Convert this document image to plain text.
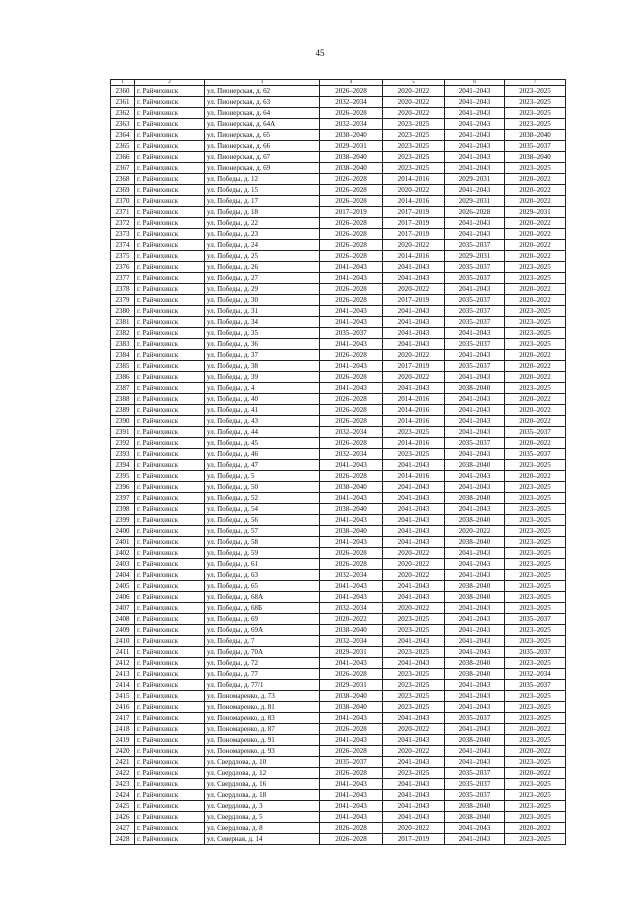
45
1	2	3	4	5	6	7
2360	г. Райчихинск	ул. Пионерская, д. 62	2026–2028	2020–2022	2041–2043	2023–2025
2361	г. Райчихинск	ул. Пионерская, д. 63	2032–2034	2020–2022	2041–2043	2023–2025
2362	г. Райчихинск	ул. Пионерская, д. 64	2026–2028	2020–2022	2041–2043	2023–2025
2363	г. Райчихинск	ул. Пионерская, д. 64А	2032–2034	2023–2025	2041–2043	2023–2025
2364	г. Райчихинск	ул. Пионерская, д. 65	2038–2040	2023–2025	2041–2043	2038–2040
2365	г. Райчихинск	ул. Пионерская, д. 66	2029–2031	2023–2025	2041–2043	2035–2037
2366	г. Райчихинск	ул. Пионерская, д. 67	2038–2040	2023–2025	2041–2043	2038–2040
2367	г. Райчихинск	ул. Пионерская, д. 69	2038–2040	2023–2025	2041–2043	2023–2025
2368	г. Райчихинск	ул. Победы, д. 12	2026–2028	2014–2016	2029–2031	2020–2022
2369	г. Райчихинск	ул. Победы, д. 15	2026–2028	2020–2022	2041–2043	2020–2022
2370	г. Райчихинск	ул. Победы, д. 17	2026–2028	2014–2016	2029–2031	2020–2022
2371	г. Райчихинск	ул. Победы, д. 18	2017–2019	2017–2019	2026–2028	2029–2031
2372	г. Райчихинск	ул. Победы, д. 22	2026–2028	2017–2019	2041–2043	2020–2022
2373	г. Райчихинск	ул. Победы, д. 23	2026–2028	2017–2019	2041–2043	2020–2022
2374	г. Райчихинск	ул. Победы, д. 24	2026–2028	2020–2022	2035–2037	2020–2022
2375	г. Райчихинск	ул. Победы, д. 25	2026–2028	2014–2016	2029–2031	2020–2022
2376	г. Райчихинск	ул. Победы, д. 26	2041–2043	2041–2043	2035–2037	2023–2025
2377	г. Райчихинск	ул. Победы, д. 27	2041–2043	2041–2043	2035–2037	2023–2025
2378	г. Райчихинск	ул. Победы, д. 29	2026–2028	2020–2022	2041–2043	2020–2022
2379	г. Райчихинск	ул. Победы, д. 30	2026–2028	2017–2019	2035–2037	2020–2022
2380	г. Райчихинск	ул. Победы, д. 31	2041–2043	2041–2043	2035–2037	2023–2025
2381	г. Райчихинск	ул. Победы, д. 34	2041–2043	2041–2043	2035–2037	2023–2025
2382	г. Райчихинск	ул. Победы, д. 35	2035–2037	2041–2043	2041–2043	2023–2025
2383	г. Райчихинск	ул. Победы, д. 36	2041–2043	2041–2043	2035–2037	2023–2025
2384	г. Райчихинск	ул. Победы, д. 37	2026–2028	2020–2022	2041–2043	2020–2022
2385	г. Райчихинск	ул. Победы, д. 38	2041–2043	2017–2019	2035–2037	2020–2022
2386	г. Райчихинск	ул. Победы, д. 39	2026–2028	2020–2022	2041–2043	2020–2022
2387	г. Райчихинск	ул. Победы, д. 4	2041–2043	2041–2043	2038–2040	2023–2025
2388	г. Райчихинск	ул. Победы, д. 40	2026–2028	2014–2016	2041–2043	2020–2022
2389	г. Райчихинск	ул. Победы, д. 41	2026–2028	2014–2016	2041–2043	2020–2022
2390	г. Райчихинск	ул. Победы, д. 43	2026–2028	2014–2016	2041–2043	2020–2022
2391	г. Райчихинск	ул. Победы, д. 44	2032–2034	2023–2025	2041–2043	2035–2037
2392	г. Райчихинск	ул. Победы, д. 45	2026–2028	2014–2016	2035–2037	2020–2022
2393	г. Райчихинск	ул. Победы, д. 46	2032–2034	2023–2025	2041–2043	2035–2037
2394	г. Райчихинск	ул. Победы, д. 47	2041–2043	2041–2043	2038–2040	2023–2025
2395	г. Райчихинск	ул. Победы, д. 5	2026–2028	2014–2016	2041–2043	2020–2022
2396	г. Райчихинск	ул. Победы, д. 50	2038–2040	2041–2043	2041–2043	2023–2025
2397	г. Райчихинск	ул. Победы, д. 52	2041–2043	2041–2043	2038–2040	2023–2025
2398	г. Райчихинск	ул. Победы, д. 54	2038–2040	2041–2043	2041–2043	2023–2025
2399	г. Райчихинск	ул. Победы, д. 56	2041–2043	2041–2043	2038–2040	2023–2025
2400	г. Райчихинск	ул. Победы, д. 57	2038–2040	2041–2043	2020–2022	2023–2025
2401	г. Райчихинск	ул. Победы, д. 58	2041–2043	2041–2043	2038–2040	2023–2025
2402	г. Райчихинск	ул. Победы, д. 59	2026–2028	2020–2022	2041–2043	2023–2025
2403	г. Райчихинск	ул. Победы, д. 61	2026–2028	2020–2022	2041–2043	2023–2025
2404	г. Райчихинск	ул. Победы, д. 63	2032–2034	2020–2022	2041–2043	2023–2025
2405	г. Райчихинск	ул. Победы, д. 65	2041–2043	2041–2043	2038–2040	2023–2025
2406	г. Райчихинск	ул. Победы, д. 68А	2041–2043	2041–2043	2038–2040	2023–2025
2407	г. Райчихинск	ул. Победы, д. 68Б	2032–2034	2020–2022	2041–2043	2023–2025
2408	г. Райчихинск	ул. Победы, д. 69	2020–2022	2023–2025	2041–2043	2035–2037
2409	г. Райчихинск	ул. Победы, д. 69А	2038–2040	2023–2025	2041–2043	2023–2025
2410	г. Райчихинск	ул. Победы, д. 7	2032–2034	2041–2043	2041–2043	2023–2025
2411	г. Райчихинск	ул. Победы, д. 70А	2029–2031	2023–2025	2041–2043	2035–2037
2412	г. Райчихинск	ул. Победы, д. 72	2041–2043	2041–2043	2038–2040	2023–2025
2413	г. Райчихинск	ул. Победы, д. 77	2026–2028	2023–2025	2038–2040	2032–2034
2414	г. Райчихинск	ул. Победы, д. 77/1	2029–2031	2023–2025	2041–2043	2035–2037
2415	г. Райчихинск	ул. Пономаренко, д. 73	2038–2040	2023–2025	2041–2043	2023–2025
2416	г. Райчихинск	ул. Пономаренко, д. 81	2038–2040	2023–2025	2041–2043	2023–2025
2417	г. Райчихинск	ул. Пономаренко, д. 83	2041–2043	2041–2043	2035–2037	2023–2025
2418	г. Райчихинск	ул. Пономаренко, д. 87	2026–2028	2020–2022	2041–2043	2020–2022
2419	г. Райчихинск	ул. Пономаренко, д. 91	2041–2043	2041–2043	2038–2040	2023–2025
2420	г. Райчихинск	ул. Пономаренко, д. 93	2026–2028	2020–2022	2041–2043	2020–2022
2421	г. Райчихинск	ул. Свердлова, д. 10	2035–2037	2041–2043	2041–2043	2023–2025
2422	г. Райчихинск	ул. Свердлова, д. 12	2026–2028	2023–2025	2035–2037	2020–2022
2423	г. Райчихинск	ул. Свердлова, д. 16	2041–2043	2041–2043	2035–2037	2023–2025
2424	г. Райчихинск	ул. Свердлова, д. 18	2041–2043	2041–2043	2035–2037	2023–2025
2425	г. Райчихинск	ул. Свердлова, д. 3	2041–2043	2041–2043	2038–2040	2023–2025
2426	г. Райчихинск	ул. Свердлова, д. 5	2041–2043	2041–2043	2038–2040	2023–2025
2427	г. Райчихинск	ул. Свердлова, д. 8	2026–2028	2020–2022	2041–2043	2020–2022
2428	г. Райчихинск	ул. Северная, д. 14	2026–2028	2017–2019	2041–2043	2023–2025
